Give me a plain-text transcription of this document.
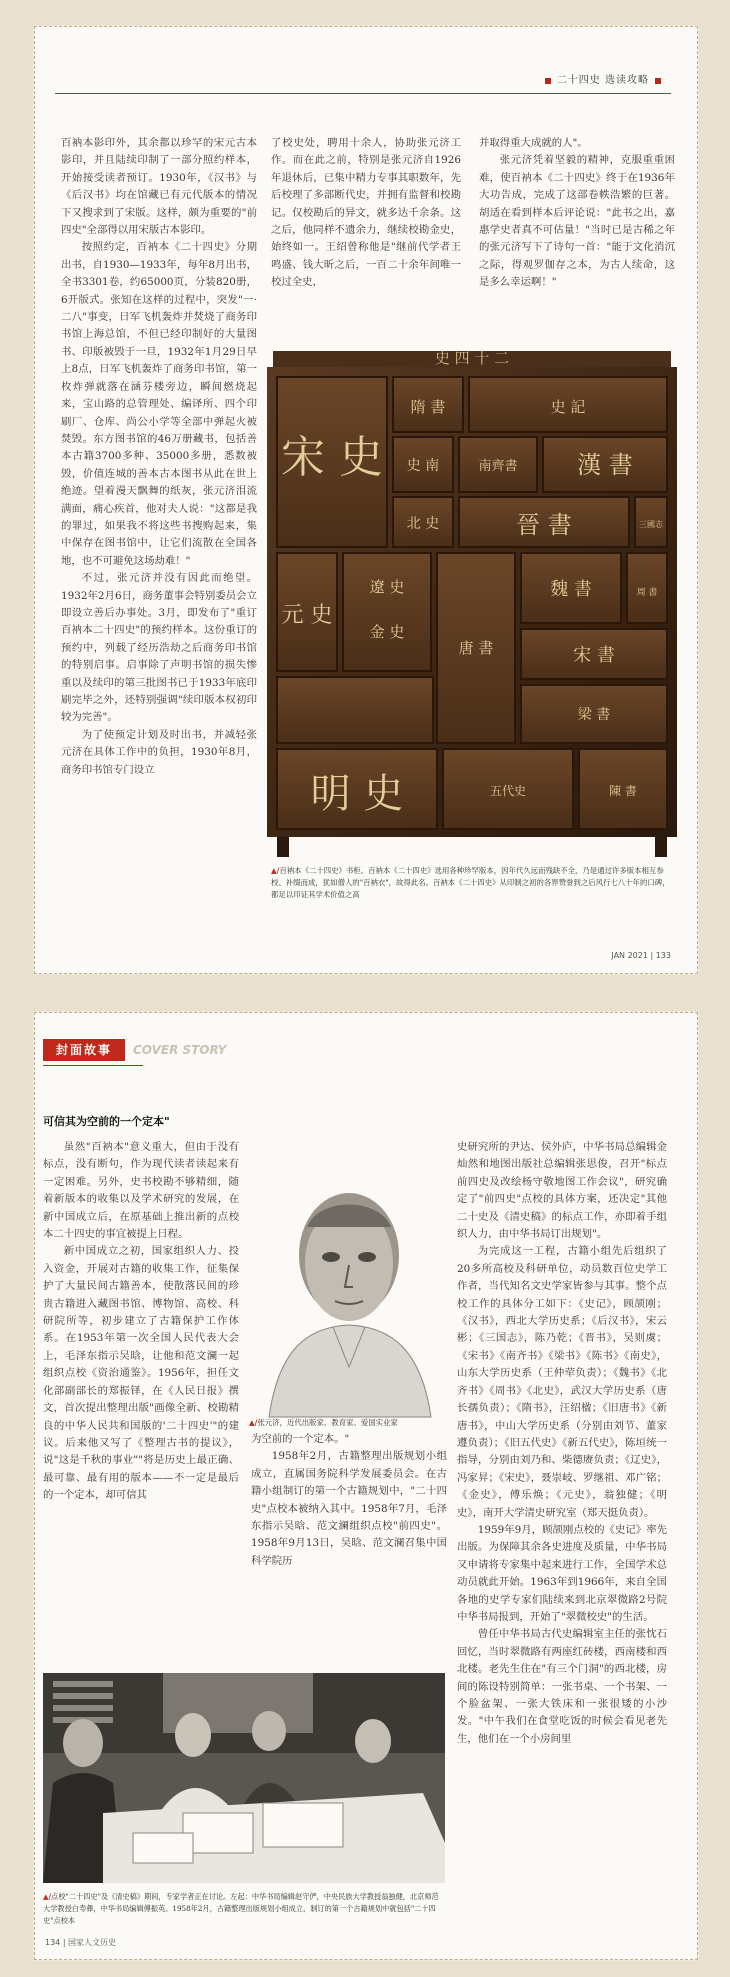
二十四史 选读攻略

百衲本影印外，其余都以珍罕的宋元古本影印，并且陆续印制了一部分照约样本，开始接受读者预订。1930年，《汉书》与《后汉书》均在馆藏已有元代版本的情况下又搜求到了宋版。这样，颇为重要的"前四史"全部得以用宋版古本影印。

按照约定，百衲本《二十四史》分期出书，自1930—1933年，每年8月出书，全书3301卷，约65000页，分装820册，6开版式。张知在这样的过程中，突发"一·二八"事变，日军飞机轰炸并焚烧了商务印书馆上海总馆，不但已经印制好的大量图书、印版被毁于一旦，1932年1月29日早上8点，日军飞机轰炸了商务印书馆，第一枚炸弹就落在涵芬楼旁边，瞬间燃烧起来，宝山路的总管理处、编译所、四个印刷厂、仓库、尚公小学等全部中弹起火被焚毁。东方图书馆的46万册藏书，包括善本古籍3700多种、35000多册，悉数被毁，价值连城的善本古本图书从此在世上绝迹。望着漫天飘舞的纸灰，张元济泪流满面，痛心疾首，他对夫人说："这都是我的罪过，如果我不将这些书搜购起来，集中保存在图书馆中，让它们流散在全国各地，也不可避免这场劫难！"

不过，张元济并没有因此而绝望。1932年2月6日，商务董事会特别委员会立即设立善后办事处。3月，即发布了"重订百衲本二十四史"的预约样本。这份重订的预约中，列载了经历浩劫之后商务印书馆的特别启事。启事除了声明书馆的损失惨重以及续印的第三批图书已于1933年底印刷完毕之外，还特别强调"续印版本权初印较为完善"。

为了使预定计划及时出书，并减轻张元济在具体工作中的负担，1930年8月，商务印书馆专门设立

了校史处，聘用十余人，协助张元济工作。而在此之前，特别是张元济自1926年退休后，已集中精力专事其职数年，先后校理了多部断代史，并拥有监督和校勘记。仅校勘后的异文，就多达千余条。这之后，他同样不遗余力，继续校勘金史，始终如一。王绍曾称他是"继前代学者王鸣盛、钱大昕之后，一百二十余年间唯一校过全史，

并取得重大成就的人"。

张元济凭着坚毅的精神，克服重重困难，使百衲本《二十四史》终于在1936年大功告成，完成了这部卷帙浩繁的巨著。胡适在看到样本后评论说："此书之出，嘉惠学史者真不可估量！"当时已是古稀之年的张元济写下了诗句一首："能于文化消沉之际，得观罗伽存之本，为古人续命，这是多么幸运啊！"

史 四 十 二
宋 史
隋 書	史 記
史 南	南齊書 漢 書
北 史	晉 書	三國志
元 史
遼 史
金 史
唐 書
魏 書	周 書
宋 書
明 史	五代史	陳 書
梁 書
▲/百衲本《二十四史》书柜。百衲本《二十四史》选用各种珍罕版本，因年代久远而残缺不全，乃是通过许多版本相互参校、补缀而成，犹如僧人的"百衲衣"，故得此名。百衲本《二十四史》从印制之初的各界赞誉到之后风行七八十年的口碑，都足以印证其学术价值之高
JAN 2021 | 133
封面故事	COVER STORY
可信其为空前的一个定本"

虽然"百衲本"意义重大，但由于没有标点，没有断句，作为现代读者读起来有一定困难。另外，史书校勘不够精细，随着新版本的收集以及学术研究的发展，在新中国成立后，在原基础上推出新的点校本二十四史的事宜被提上日程。

新中国成立之初，国家组织人力、投入资金，开展对古籍的收集工作，征集保护了大量民间古籍善本，使散落民间的珍贵古籍进入藏图书馆、博物馆、高校、科研院所等，初步建立了古籍保护工作体系。在1953年第一次全国人民代表大会上，毛泽东指示吴晗，让他和范文澜一起组织点校《资治通鉴》。1956年，担任文化部副部长的郑振铎，在《人民日报》撰文，首次提出整理出版"画像全新、校勘精良的中华人民共和国版的'二十四史'"的建议。后来他又写了《整理古书的提议》，说"这是千秋的事业""将是历史上最正确、最可靠、最有用的版本——不一定是最后的一个定本，却可信其

▲/张元济，近代出版家、教育家、爱国实业家

为空前的一个定本。"

1958年2月，古籍整理出版规划小组成立，直属国务院科学发展委员会。在古籍小组制订的第一个古籍规划中，"二十四史"点校本被纳入其中。1958年7月，毛泽东指示吴晗、范文澜组织点校"前四史"。1958年9月13日，吴晗、范文澜召集中国科学院历

史研究所的尹达、侯外庐，中华书局总编辑金灿然和地图出版社总编辑张思俊，召开"标点前四史及改绘杨守敬地图工作会议"，研究确定了"前四史"点校的具体方案，还决定"其他二十史及《清史稿》的标点工作，亦即着手组织人力，由中华书局订出规划"。

为完成这一工程，古籍小组先后组织了20多所高校及科研单位，动员数百位史学工作者，当代知名文史学家皆参与其事。整个点校工作的具体分工如下：《史记》，顾颉刚；《汉书》，西北大学历史系；《后汉书》，宋云彬；《三国志》，陈乃乾；《晋书》，吴则虞；《宋书》《南齐书》《梁书》《陈书》《南史》，山东大学历史系（王仲荦负责）；《魏书》《北齐书》《周书》《北史》，武汉大学历史系（唐长孺负责）；《隋书》，汪绍楹；《旧唐书》《新唐书》，中山大学历史系（分别由刘节、董家遵负责）；《旧五代史》《新五代史》，陈垣统一指导，分别由刘乃和、柴德赓负责；《辽史》，冯家昇；《宋史》，聂崇岐、罗继祖、邓广铭；《金史》，傅乐焕；《元史》，翁独健；《明史》，南开大学清史研究室（郑天挺负责）。

1959年9月，顾颉刚点校的《史记》率先出版。为保障其余各史进度及质量，中华书局又申请将专家集中起来进行工作，全国学术总动员就此开始。1963年到1966年，来自全国各地的史学专家们陆续来到北京翠微路2号院中华书局报到，开始了"翠微校史"的生活。

曾任中华书局古代史编辑室主任的张忱石回忆，当时翠微路有两座红砖楼，西南楼和西北楼。老先生住在"有三个门洞"的西北楼，房间的陈设特别简单：一张书桌、一个书架、一个脸盆架、一张大铁床和一张很矮的小沙发。"中午我们在食堂吃饭的时候会看见老先生，他们在一个小房间里

▲/点校"二十四史"及《清史稿》期间，专家学者正在讨论。左起：中华书局编辑赵守俨，中央民族大学教授翁独健，北京师范大学教授白寿彝，中华书局编辑傅振英。1958年2月，古籍整理出版规划小组成立，制订的第一个古籍规划中就包括"二十四史"点校本
134 | 国家人文历史
